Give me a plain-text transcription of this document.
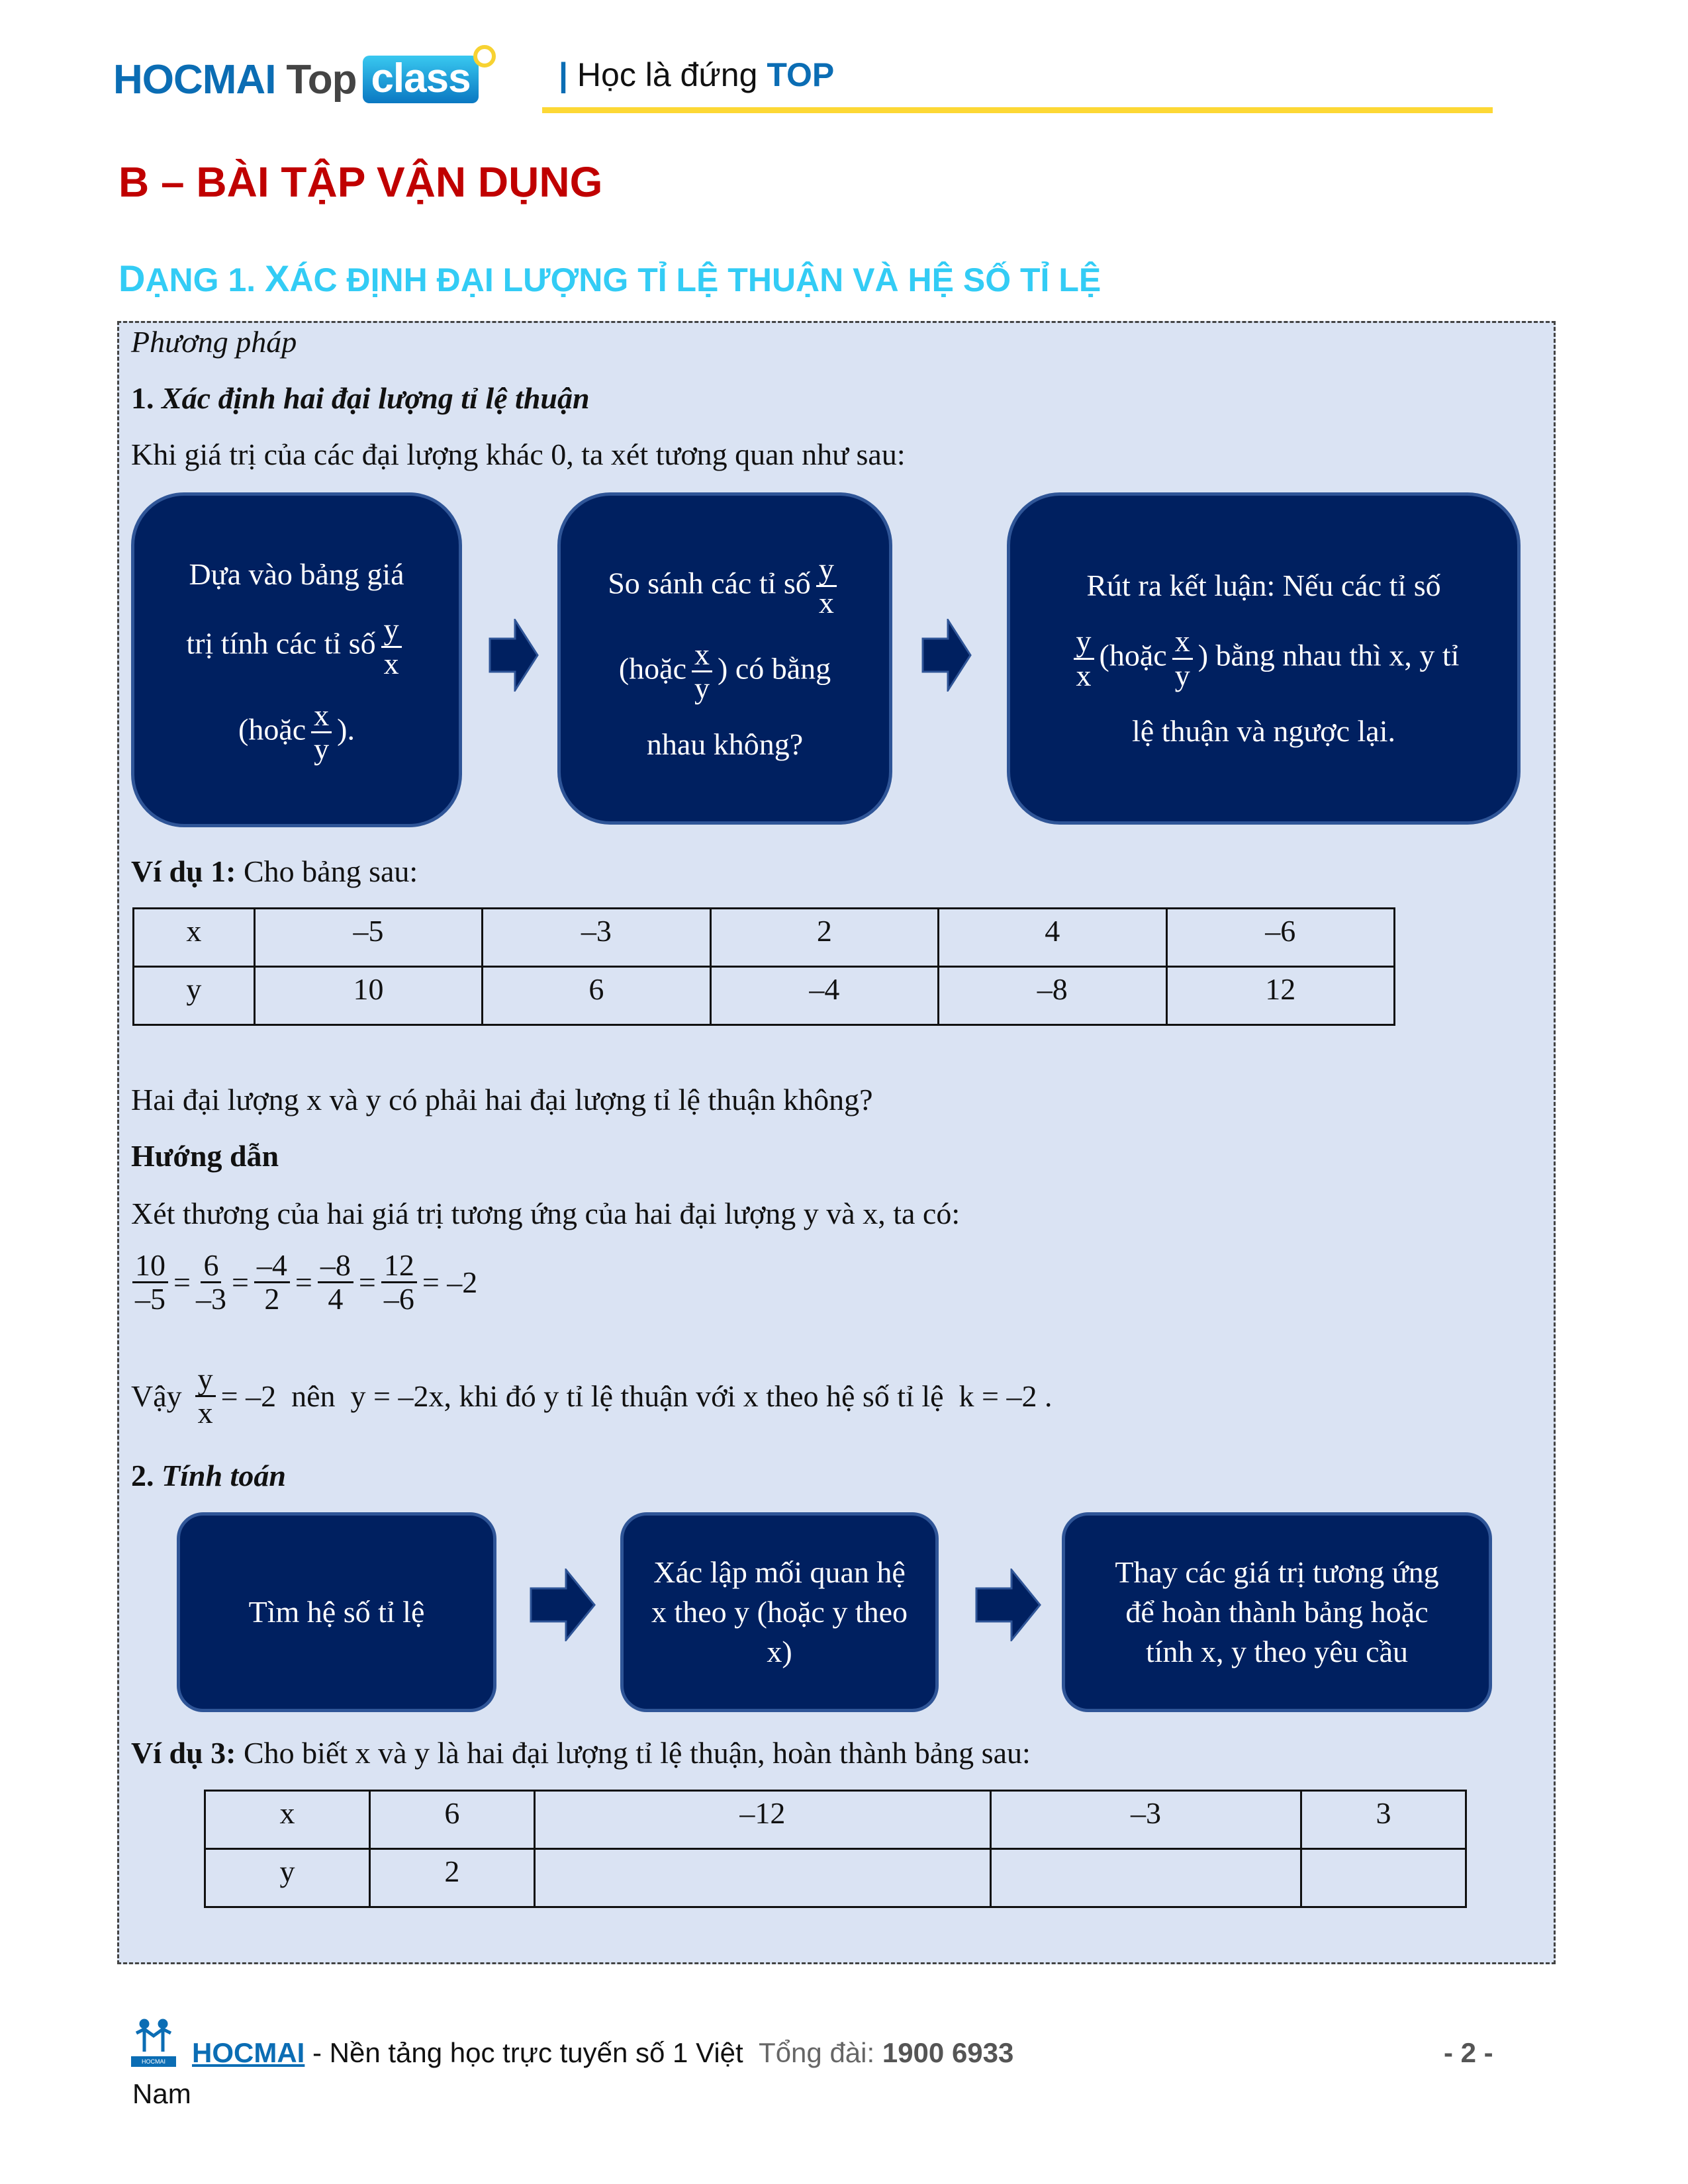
HOCMAI Top class	| Học là đứng TOP
B – BÀI TẬP VẬN DỤNG
DẠNG 1. XÁC ĐỊNH ĐẠI LƯỢNG TỈ LỆ THUẬN VÀ HỆ SỐ TỈ LỆ
Phương pháp
1. Xác định hai đại lượng tỉ lệ thuận
Khi giá trị của các đại lượng khác 0, ta xét tương quan như sau:
Dựa vào bảng giá
trị tính các tỉ số $\frac{y}{x}$
(hoặc $\frac{x}{y}$ ).
So sánh các tỉ số $\frac{y}{x}$
(hoặc $\frac{x}{y}$ ) có bằng
nhau không?
Rút ra kết luận: Nếu các tỉ số
$\frac{y}{x}$ (hoặc $\frac{x}{y}$ ) bằng nhau thì x, y tỉ
lệ thuận và ngược lại.
Ví dụ 1: Cho bảng sau:
x	–5	–3	2	4	–6
y	10	6	–4	–8	12
Hai đại lượng x và y có phải hai đại lượng tỉ lệ thuận không?
Hướng dẫn
Xét thương của hai giá trị tương ứng của hai đại lượng y và x, ta có:
$\frac{10}{-5} = \frac{6}{-3} = \frac{-4}{2} = \frac{-8}{4} = \frac{12}{-6} = -2$
Vậy $\frac{y}{x} = -2$  nên  y = –2x, khi đó y tỉ lệ thuận với x theo hệ số tỉ lệ  k = –2 .
2. Tính toán
Tìm hệ số tỉ lệ
Xác lập mối quan hệ x theo y (hoặc y theo x)
Thay các giá trị tương ứng để hoàn thành bảng hoặc tính x, y theo yêu cầu
Ví dụ 3: Cho biết x và y là hai đại lượng tỉ lệ thuận, hoàn thành bảng sau:
x	6	–12	–3	3
y	2			
HOCMAI HOCMAI - Nền tảng học trực tuyến số 1 Việt Tổng đài: 1900 6933	- 2 -
Nam
